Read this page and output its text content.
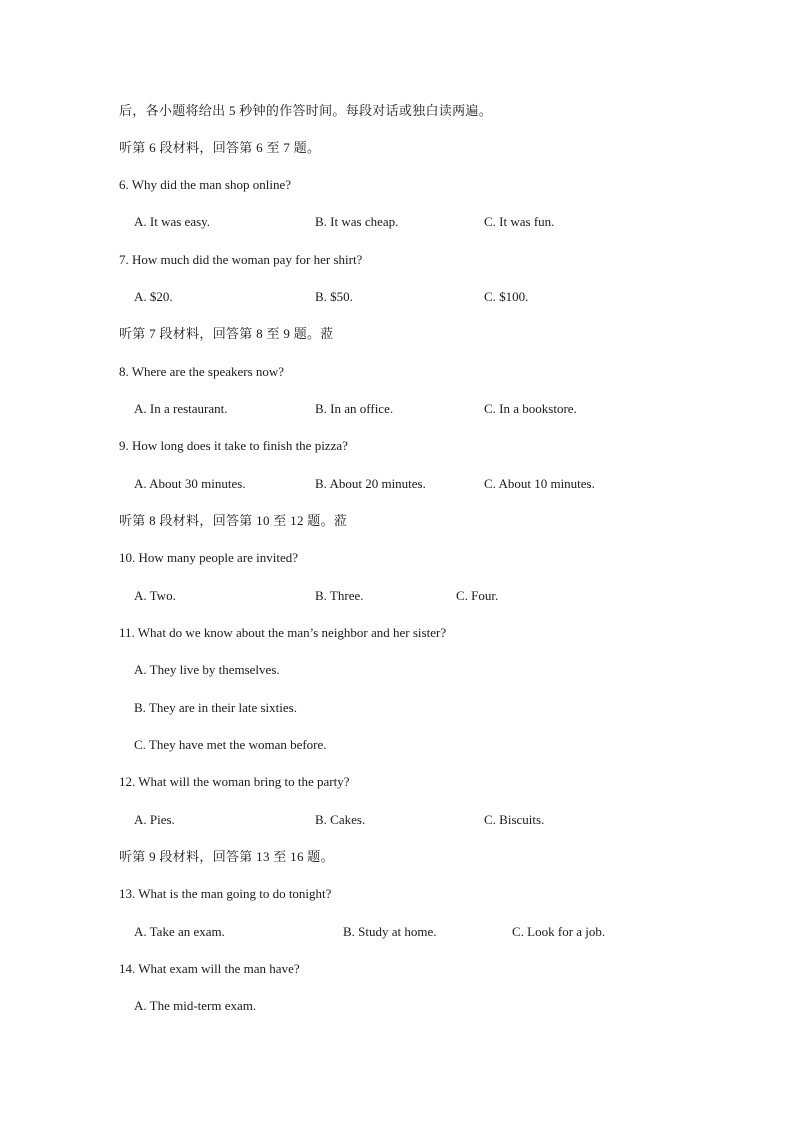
后，各小题将给出 5 秒钟的作答时间。每段对话或独白读两遍。
听第 6 段材料，回答第 6 至 7 题。
6. Why did the man shop online?
A. It was easy.	B. It was cheap.	C. It was fun.
7. How much did the woman pay for her shirt?
A. $20.	B. $50.	C. $100.
听第 7 段材料，回答第 8 至 9 题。蒞
8. Where are the speakers now?
A. In a restaurant.	B. In an office.	C. In a bookstore.
9. How long does it take to finish the pizza?
A. About 30 minutes.	B. About 20 minutes.	C. About 10 minutes.
听第 8 段材料，回答第 10 至 12 题。蒞
10. How many people are invited?
A. Two.	B. Three.	C. Four.
11. What do we know about the man’s neighbor and her sister?
A. They live by themselves.
B. They are in their late sixties.
C. They have met the woman before.
12. What will the woman bring to the party?
A. Pies.	B. Cakes.	C. Biscuits.
听第 9 段材料，回答第 13 至 16 题。
13. What is the man going to do tonight?
A. Take an exam.	B. Study at home.	C. Look for a job.
14. What exam will the man have?
A. The mid-term exam.
